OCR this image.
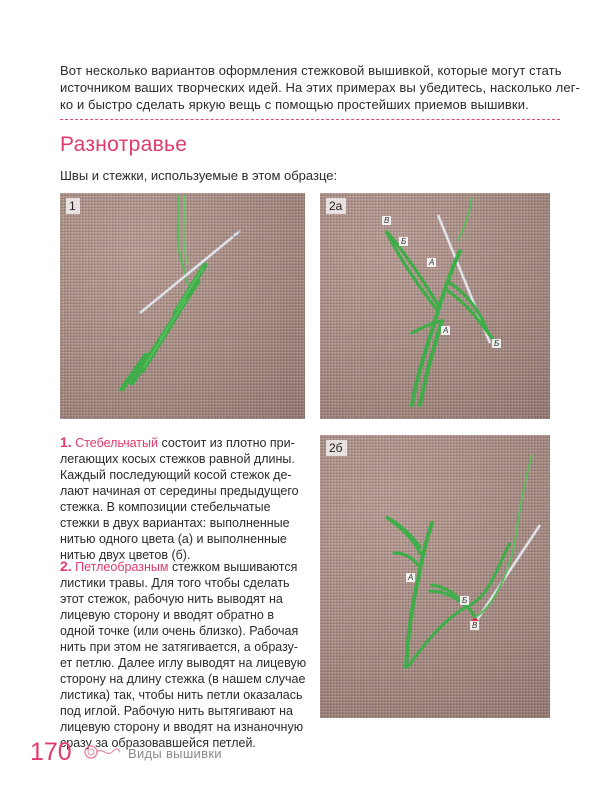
Вот несколько вариантов оформления стежковой вышивкой, которые могут стать
источником ваших творческих идей. На этих примерах вы убедитесь, насколько лег-
ко и быстро сделать яркую вещь с помощью простейших приемов вышивки.
Разнотравье
Швы и стежки, используемые в этом образце:
1	2а
В
Б
А
А
Б
1. Стебельчатый состоит из плотно при-
легающих косых стежков равной длины.
Каждый последующий косой стежок де-
лают начиная от середины предыдущего
стежка. В композиции стебельчатые
стежки в двух вариантах: выполненные
нитью одного цвета (а) и выполненные
нитью двух цветов (б).
2. Петлеобразным стежком вышиваются
листики травы. Для того чтобы сделать
этот стежок, рабочую нить выводят на
лицевую сторону и вводят обратно в
одной точке (или очень близко). Рабочая
нить при этом не затягивается, а образу-
ет петлю. Далее иглу выводят на лицевую
сторону на длину стежка (в нашем случае
листика) так, чтобы нить петли оказалась
под иглой. Рабочую нить вытягивают на
лицевую сторону и вводят на изнаночную
сразу за образовавшейся петлей.
2б
А
Б
В
170	Виды вышивки
